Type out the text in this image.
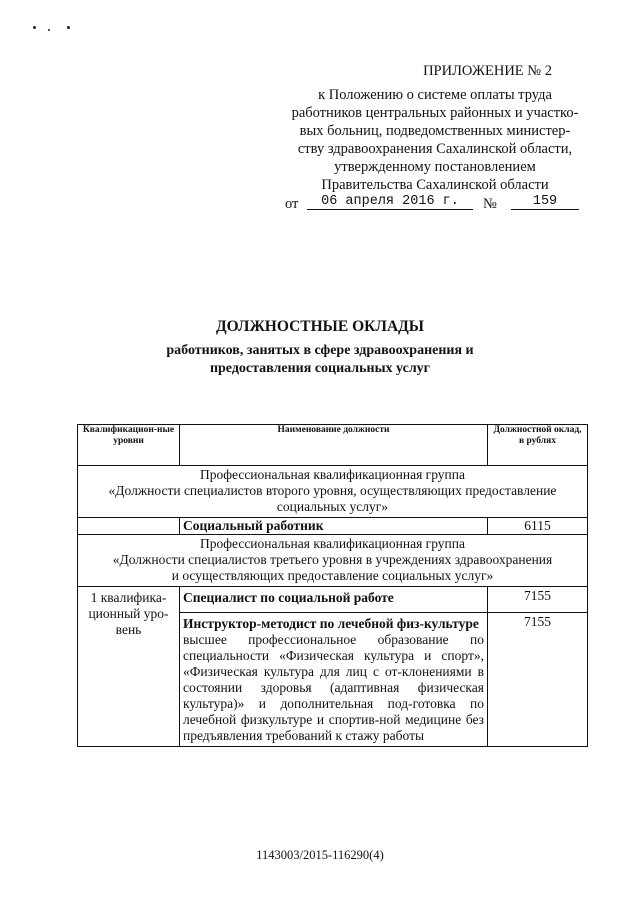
ПРИЛОЖЕНИЕ № 2
к Положению о системе оплаты труда
работников центральных районных и участко-
вых больниц, подведомственных министер-
ству здравоохранения Сахалинской области,
утвержденному постановлением
Правительства Сахалинской области
от	06 апреля 2016 г.	№	159
ДОЛЖНОСТНЫЕ ОКЛАДЫ
работников, занятых в сфере здравоохранения и
предоставления социальных услуг
Квалификацион-ные уровни	Наименование должности	Должностной оклад, в рублях

Профессиональная квалификационная группа
«Должности специалистов второго уровня, осуществляющих предоставление
социальных услуг»		

	Социальный работник	6115

Профессиональная квалификационная группа
«Должности специалистов третьего уровня в учреждениях здравоохранения
и осуществляющих предоставление социальных услуг»		

1 квалифика-ционный уро-вень	Специалист по социальной работе	7155

	Инструктор-методист по лечебной физ-культуре
высшее профессиональное образование по специальности «Физическая культура и спорт», «Физическая культура для лиц с от-клонениями в состоянии здоровья (адаптивная физическая культура)» и дополнительная под-готовка по лечебной физкультуре и спортив-ной медицине без предъявления требований к стажу работы	7155
1143003/2015-116290(4)
